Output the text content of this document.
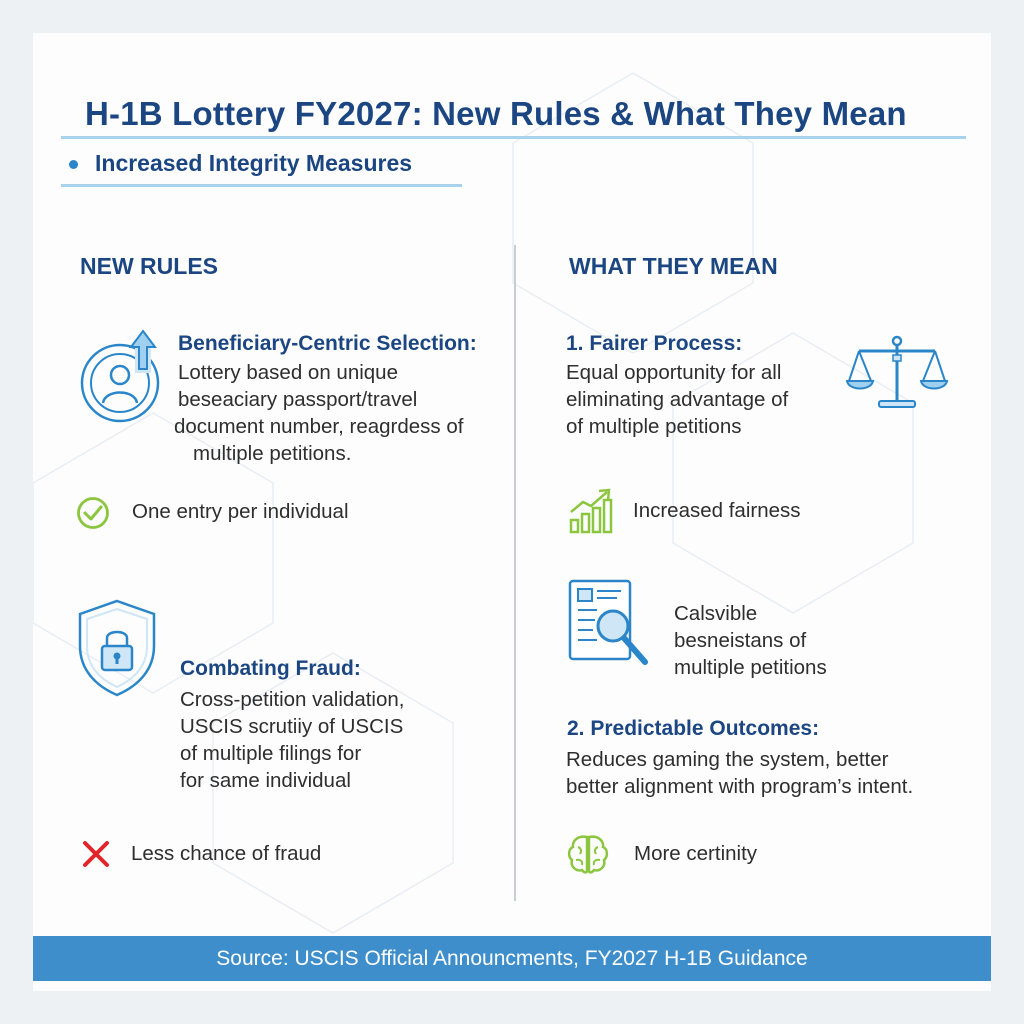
H-1B Lottery FY2027: New Rules & What They Mean
Increased Integrity Measures
NEW RULES
Beneficiary-Centric Selection:
Lottery based on unique
beseaciary passport/travel
document number, reagrdess of
multiple petitions.
One entry per individual
Combating Fraud:
Cross-petition validation,
USCIS scrutiiy of USCIS
of multiple filings for
for same individual
Less chance of fraud
WHAT THEY MEAN
1. Fairer Process:
Equal opportunity for all
eliminating advantage of
of multiple petitions
Increased fairness
Calsvible
besneistans of
multiple petitions
2. Predictable Outcomes:
Reduces gaming the system, better
better alignment with program’s intent.
More certinity
Source: USCIS Official Announcments, FY2027 H-1B Guidance
